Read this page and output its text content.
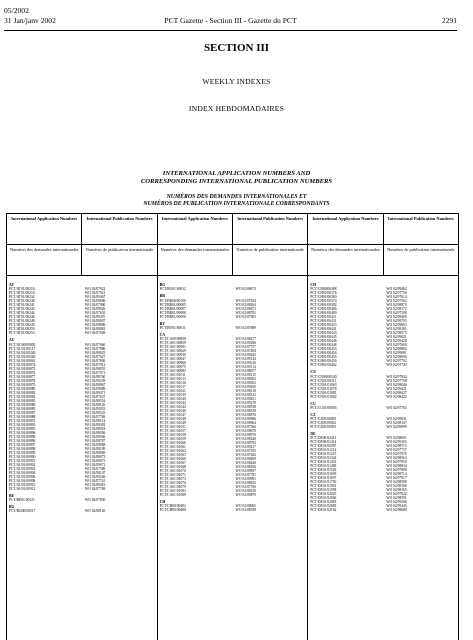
05/2002
31 Jan/janv 2002	2291
PCT Gazette - Section III - Gazette du PCT
SECTION III
WEEKLY INDEXES
INDEX HEBDOMADAIRES
INTERNATIONAL APPLICATION NUMBERS AND
CORRESPONDING INTERNATIONAL PUBLICATION NUMBERS
NUMÉROS DES DEMANDES INTERNATIONALES ET
NUMÉROS DE PUBLICATION INTERNATIONALE CORRESPONDANTS
International Application Numbers	International Publication Numbers	International Application Numbers	International Publication Numbers	International Application Numbers	International Publication Numbers
Numéros des demandes internationales	Numéros de publication internationale	Numéros des demandes internationales	Numéros de publication internationale	Numéros des demandes internationales	Numéros de publication internationale
AT
PCT/AT01/00210	WO 02/07922
PCT/AT01/00218	WO 02/07921
PCT/AT01/00232	WO 02/09467
PCT/AT01/00240	WO 02/08686
PCT/AT01/00241	WO 02/07900
PCT/AT01/00243	WO 02/09026
PCT/AT01/00244	WO 02/07655
PCT/AT01/00246	WO 02/09470
PCT/AT01/00248	WO 02/08007
PCT/AT01/00249	WO 02/08806
PCT/AT01/00250	WO 02/08081
PCT/AT01/00253	WO 02/07649
AU
PCT/AU00/00805	WO 02/07666
PCT/AU01/00117	WO 02/07886
PCT/AU01/00249	WO 02/08025
PCT/AU01/00540	WO 02/07627
PCT/AU01/00861	WO 02/07836
PCT/AU01/00874	WO 02/07912
PCT/AU01/00875	WO 02/08055
PCT/AU01/00876	WO 02/07971
PCT/AU01/00877	WO 02/08760
PCT/AU01/00878	WO 02/09239
PCT/AU01/00879	WO 02/08967
PCT/AU01/00880	WO 02/09089
PCT/AU01/00882	WO 02/08471
PCT/AU01/00883	WO 02/07637
PCT/AU01/00885	WO 02/08554
PCT/AU01/00886	WO 02/08126
PCT/AU01/00885	WO 02/09033
PCT/AU01/00887	WO 02/08525
PCT/AU01/00888	WO 02/07769
PCT/AU01/00891	WO 02/08114
PCT/AU01/00893	WO 02/08492
PCT/AU01/00895	WO 02/08018
PCT/AU01/00896	WO 02/08056
PCT/AU01/00898	WO 02/08566
PCT/AU01/00896	WO 02/08787
PCT/AU01/00897	WO 02/09068
PCT/AU01/00898	WO 02/08189
PCT/AU01/00899	WO 02/08969
PCT/AU01/00900	WO 02/08073
PCT/AU01/00901	WO 02/08075
PCT/AU01/00902	WO 02/09072
PCT/AU01/00903	WO 02/07589
PCT/AU01/00904	WO 02/08107
PCT/AU01/00906	WO 02/09246
PCT/AU01/00908	WO 02/07741
PCT/AU01/00910	WO 02/08419
PCT/AU01/00912	WO 02/07769
BE
PCT/BE01/00121	WO 02/07850
BG
PCT/BG00/00017	WO 02/08120
BG
PCT/BG01/00012	WO 02/08673
BR
PCT/BR00/00100	WO 02/07834
PCT/BR01/00085	WO 02/08264
PCT/BR01/00087	WO 02/08672
PCT/BR01/00088	WO 02/08781
PCT/BR01/00090	WO 02/07905
BY
PCT/BY01/00011	WO 02/07889
CA
PCT/CA00/00858	WO 02/08477
PCT/CA01/00859	WO 02/09286
PCT/CA01/00581	WO 02/07577
PCT/CA01/00629	WO 02/07494
PCT/CA01/00930	WO 02/09435
PCT/CA01/00947	WO 02/09144
PCT/CA01/00966	WO 02/09216
PCT/CA01/00975	WO 02/09114
PCT/CA01/00983	WO 02/08677
PCT/CA01/01011	WO 02/08115
PCT/CA01/01013	WO 02/08302
PCT/CA01/01016	WO 02/09652
PCT/CA01/01017	WO 02/09450
PCT/CA01/01021	WO 02/08118
PCT/CA01/01035	WO 02/08132
PCT/CA01/01040	WO 02/09451
PCT/CA01/01042	WO 02/09278
PCT/CA01/01044	WO 02/08538
PCT/CA01/01046	WO 02/08539
PCT/CA01/01047	WO 02/08876
PCT/CA01/01048	WO 02/09696
PCT/CA01/01049	WO 02/08964
PCT/CA01/01051	WO 02/07566
PCT/CA01/01057	WO 02/08678
PCT/CA01/01058	WO 02/08970
PCT/CA01/01059	WO 02/09240
PCT/CA01/01060	WO 02/08793
PCT/CA01/01061	WO 02/09417
PCT/CA01/01062	WO 02/07555
PCT/CA01/01063	WO 02/07643
PCT/CA01/01066	WO 02/08409
PCT/CA01/01067	WO 02/08428
PCT/CA01/01068	WO 02/08106
PCT/CA01/01070	WO 02/09837
PCT/CA01/01071	WO 02/07781
PCT/CA01/01073	WO 02/09091
PCT/CA01/01076	WO 02/08923
PCT/CA01/01079	WO 02/07556
PCT/CA01/01083	WO 02/08150
PCT/CA01/01089	WO 02/09879
CH
PCT/CH00/00482	WO 02/08065
PCT/CH00/00486	WO 02/08538
CH
PCT/CH00/00488	WO 02/09462
PCT/CH01/00176	WO 02/07750
PCT/CH01/00360	WO 02/07614
PCT/CH01/00374	WO 02/07562
PCT/CH01/00392	WO 02/08879
PCT/CH01/00406	WO 02/08172
PCT/CH01/00409	WO 02/07508
PCT/CH01/00421	WO 02/08469
PCT/CH01/00431	WO 02/08793
PCT/CH01/00433	WO 02/09663
PCT/CH01/00441	WO 02/08181
PCT/CH01/00443	WO 02/08575
PCT/CH01/00445	WO 02/09021
PCT/CH01/00446	WO 02/09428
PCT/CH01/00448	WO 02/07600
PCT/CH01/00453	WO 02/08882
PCT/CH01/00454	WO 02/09081
PCT/CH01/00455	WO 02/08696
PCT/CH01/00456	WO 02/07792
PCT/CH01/00462	WO 02/07743
CN
PCT/CN00/00540	WO 02/07844
PCT/CN01/00311	WO 02/07708
PCT/CN01/01063	WO 02/08046
PCT/CN01/01078	WO 02/09421
PCT/CN01/01081	WO 02/08427
PCT/CN01/01082	WO 02/08422
CU
PCT/CU01/00005	WO 02/07702
CZ
PCT/CZ00/00050	WO 02/09041
PCT/CZ00/00052	WO 02/08147
PCT/CZ00/00053	WO 02/09099
DE
PCT/DE00/02413	WO 02/08691
PCT/DE00/02414	WO 02/09165
PCT/DE01/00587	WO 02/08715
PCT/DE01/01214	WO 02/07737
PCT/DE01/01215	WO 02/07976
PCT/DE01/01344	WO 02/08564
PCT/DE01/01433	WO 02/07950
PCT/DE01/01469	WO 02/08034
PCT/DE01/01529	WO 02/07808
PCT/DE01/01659	WO 02/08714
PCT/DE01/01697	WO 02/07917
PCT/DE01/01750	WO 02/08598
PCT/DE01/01901	WO 02/08106
PCT/DE01/01958	WO 02/08165
PCT/DE01/02025	WO 02/07922
PCT/DE01/02046	WO 02/08591
PCT/DE01/02063	WO 02/09266
PCT/DE01/02083	WO 02/09445
PCT/DE01/02162	WO 02/08680
